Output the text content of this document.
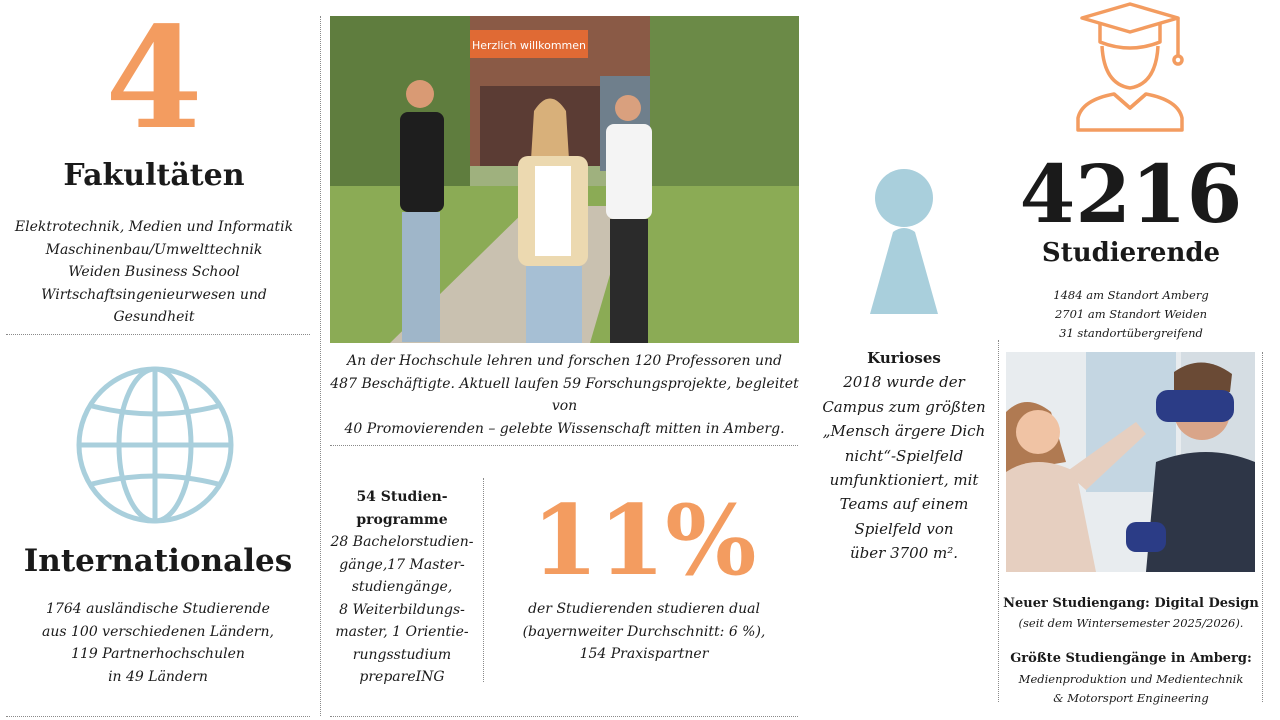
4
Fakultäten
Elektrotechnik, Medien und Informatik
Maschinenbau/Umwelttechnik
Weiden Business School
Wirtschaftsingenieurwesen und Gesundheit
Internationales
1764 ausländische Studierende
aus 100 verschiedenen Ländern,
119 Partnerhochschulen
in 49 Ländern
Herzlich willkommen
An der Hochschule lehren und forschen 120 Professoren und
487 Beschäftigte. Aktuell laufen 59 Forschungsprojekte, begleitet von
40 Promovierenden – gelebte Wissenschaft mitten in Amberg.
54 Studien-
programme
28 Bachelorstudien-
gänge,17 Master-
studiengänge,
8 Weiterbildungs-
master, 1 Orientie-
rungsstudium
prepareING
11%
der Studierenden studieren dual
(bayernweiter Durchschnitt: 6 %),
154 Praxispartner
Kurioses
2018 wurde der
Campus zum größten
„Mensch ärgere Dich
nicht“-Spielfeld
umfunktioniert, mit
Teams auf einem
Spielfeld von
über 3700 m².
4216
Studierende
1484 am Standort Amberg
2701 am Standort Weiden
31 standortübergreifend
Neuer Studiengang: Digital Design
(seit dem Wintersemester 2025/2026).
Größte Studiengänge in Amberg:
Medienproduktion und Medientechnik
& Motorsport Engineering
